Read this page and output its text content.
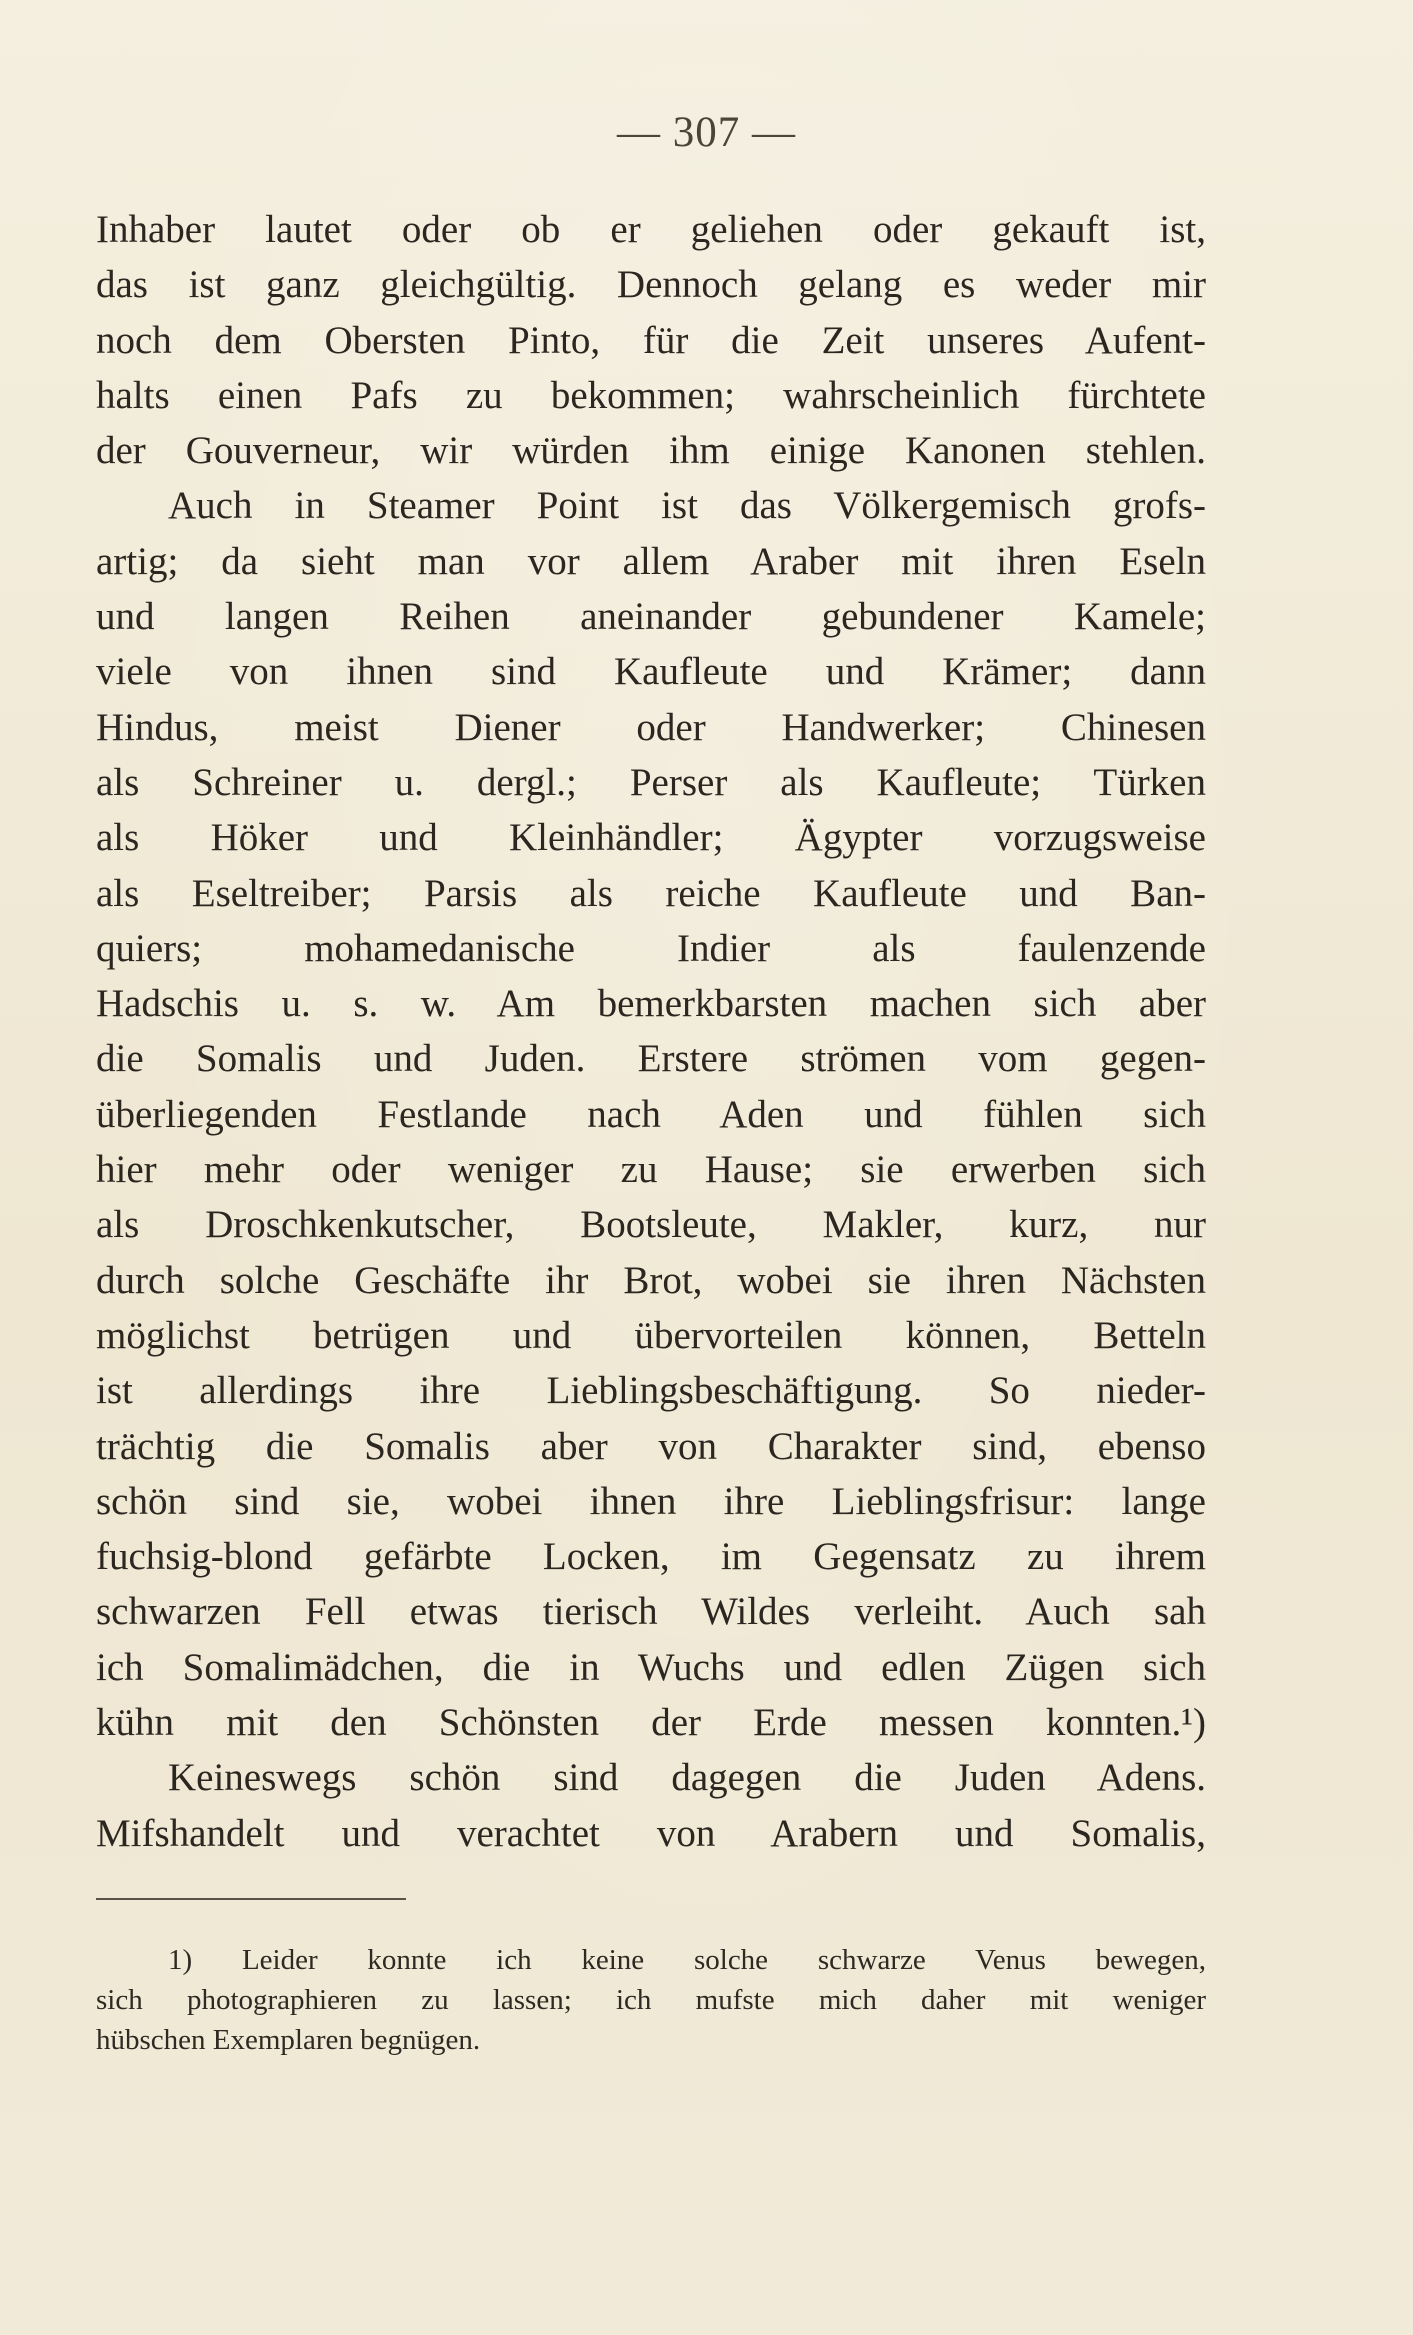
— 307 —
Inhaber lautet oder ob er geliehen oder gekauft ist,
das ist ganz gleichgültig. Dennoch gelang es weder mir
noch dem Obersten Pinto, für die Zeit unseres Aufent-
halts einen Pafs zu bekommen; wahrscheinlich fürchtete
der Gouverneur, wir würden ihm einige Kanonen stehlen.
Auch in Steamer Point ist das Völkergemisch grofs-
artig; da sieht man vor allem Araber mit ihren Eseln
und langen Reihen aneinander gebundener Kamele;
viele von ihnen sind Kaufleute und Krämer; dann
Hindus, meist Diener oder Handwerker; Chinesen
als Schreiner u. dergl.; Perser als Kaufleute; Türken
als Höker und Kleinhändler; Ägypter vorzugsweise
als Eseltreiber; Parsis als reiche Kaufleute und Ban-
quiers; mohamedanische Indier als faulenzende
Hadschis u. s. w. Am bemerkbarsten machen sich aber
die Somalis und Juden. Erstere strömen vom gegen-
überliegenden Festlande nach Aden und fühlen sich
hier mehr oder weniger zu Hause; sie erwerben sich
als Droschkenkutscher, Bootsleute, Makler, kurz, nur
durch solche Geschäfte ihr Brot, wobei sie ihren Nächsten
möglichst betrügen und übervorteilen können, Betteln
ist allerdings ihre Lieblingsbeschäftigung. So nieder-
trächtig die Somalis aber von Charakter sind, ebenso
schön sind sie, wobei ihnen ihre Lieblingsfrisur: lange
fuchsig-blond gefärbte Locken, im Gegensatz zu ihrem
schwarzen Fell etwas tierisch Wildes verleiht. Auch sah
ich Somalimädchen, die in Wuchs und edlen Zügen sich
kühn mit den Schönsten der Erde messen konnten.¹)
Keineswegs schön sind dagegen die Juden Adens.
Mifshandelt und verachtet von Arabern und Somalis,
1) Leider konnte ich keine solche schwarze Venus bewegen,
sich photographieren zu lassen; ich mufste mich daher mit weniger
hübschen Exemplaren begnügen.
